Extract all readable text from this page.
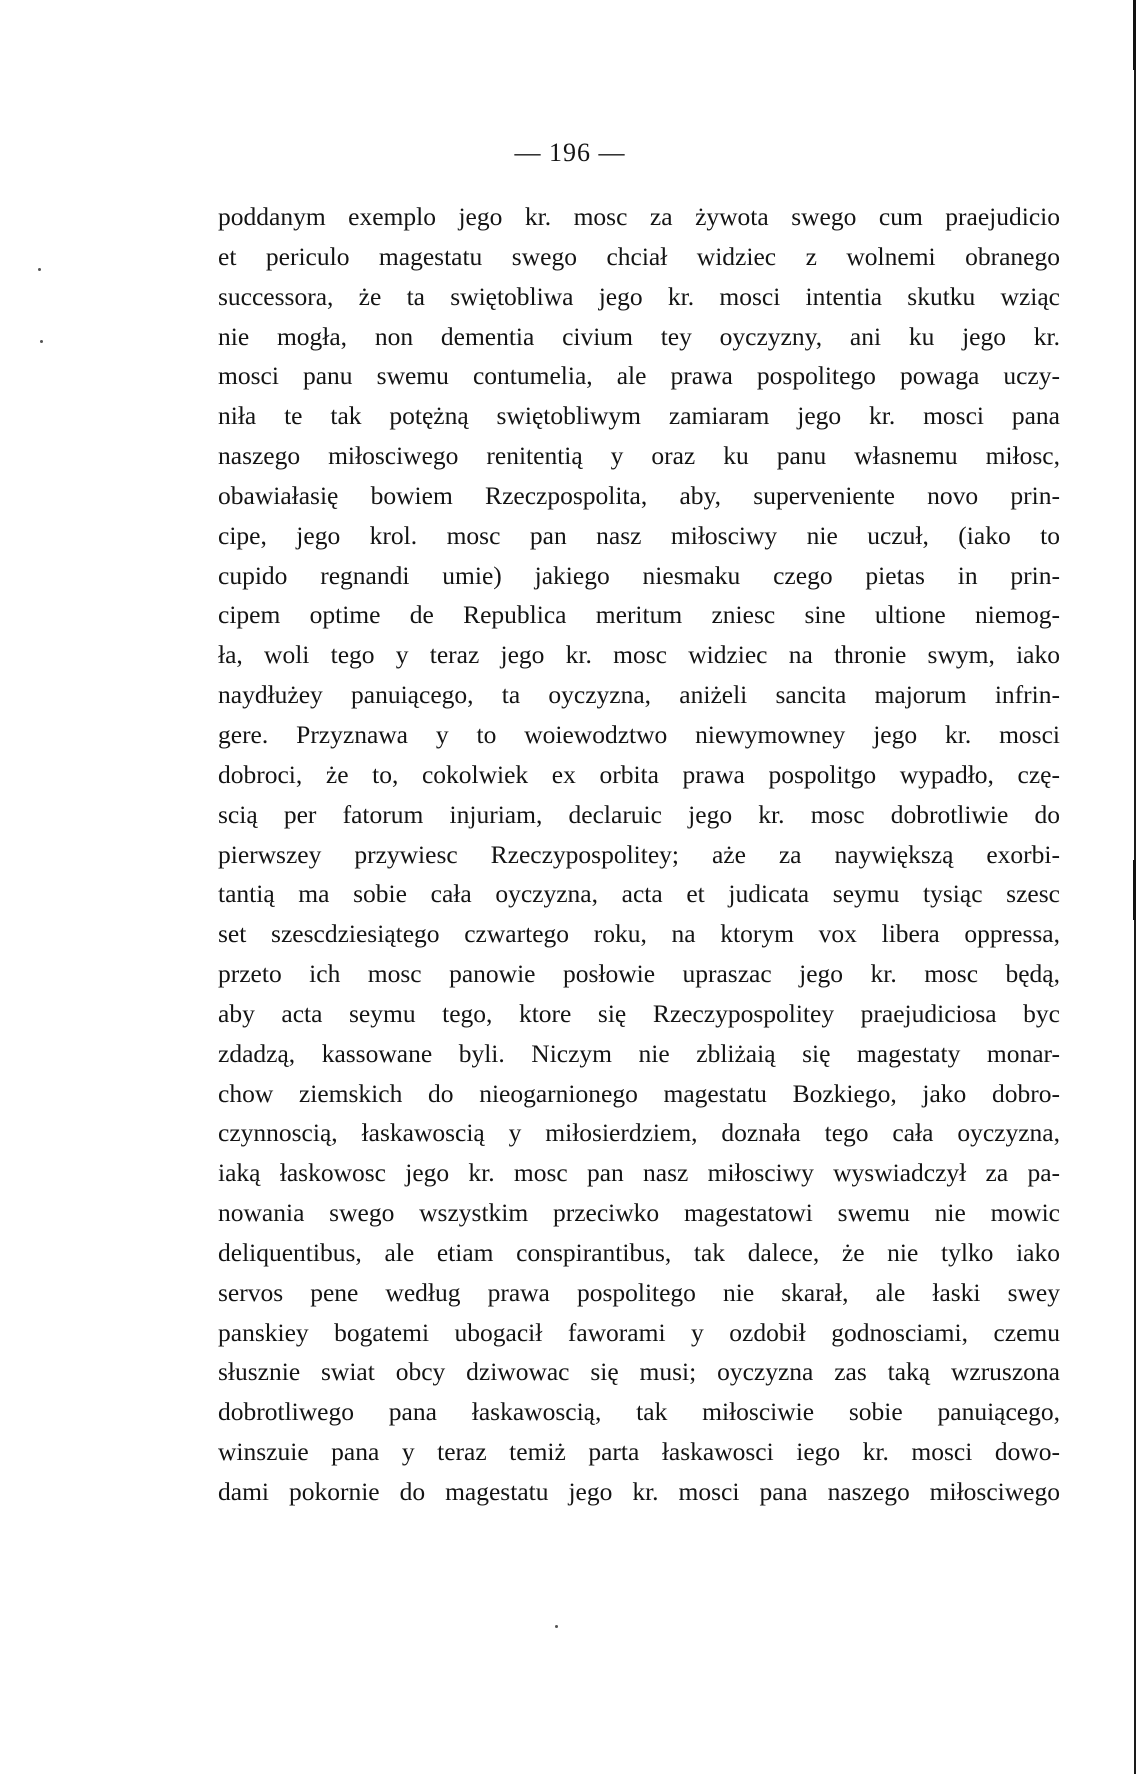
— 196 —
poddanym exemplo jego kr. mosc za żywota swego cum praejudicio
et periculo magestatu swego chciał widziec z wolnemi obranego
successora, że ta swiętobliwa jego kr. mosci intentia skutku wziąc
nie mogła, non dementia civium tey oyczyzny, ani ku jego kr.
mosci panu swemu contumelia, ale prawa pospolitego powaga uczy-
niła te tak potężną swiętobliwym zamiaram jego kr. mosci pana
naszego miłosciwego renitentią y oraz ku panu własnemu miłosc,
obawiałasię bowiem Rzeczpospolita, aby, superveniente novo prin-
cipe, jego krol. mosc pan nasz miłosciwy nie uczuł, (iako to
cupido regnandi umie) jakiego niesmaku czego pietas in prin-
cipem optime de Republica meritum zniesc sine ultione niemog-
ła, woli tego y teraz jego kr. mosc widziec na thronie swym, iako
naydłużey panuiącego, ta oyczyzna, aniżeli sancita majorum infrin-
gere. Przyznawa y to woiewodztwo niewymowney jego kr. mosci
dobroci, że to, cokolwiek ex orbita prawa pospolitgo wypadło, czę-
scią per fatorum injuriam, declaruic jego kr. mosc dobrotliwie do
pierwszey przywiesc Rzeczypospolitey; aże za naywiększą exorbi-
tantią ma sobie cała oyczyzna, acta et judicata seymu tysiąc szesc
set szescdziesiątego czwartego roku, na ktorym vox libera oppressa,
przeto ich mosc panowie posłowie upraszac jego kr. mosc będą,
aby acta seymu tego, ktore się Rzeczypospolitey praejudiciosa byc
zdadzą, kassowane byli. Niczym nie zbliżaią się magestaty monar-
chow ziemskich do nieogarnionego magestatu Bozkiego, jako dobro-
czynnoscią, łaskawoscią y miłosierdziem, doznała tego cała oyczyzna,
iaką łaskowosc jego kr. mosc pan nasz miłosciwy wyswiadczył za pa-
nowania swego wszystkim przeciwko magestatowi swemu nie mowic
deliquentibus, ale etiam conspirantibus, tak dalece, że nie tylko iako
servos pene według prawa pospolitego nie skarał, ale łaski swey
panskiey bogatemi ubogacił faworami y ozdobił godnosciami, czemu
słusznie swiat obcy dziwowac się musi; oyczyzna zas taką wzruszona
dobrotliwego pana łaskawoscią, tak miłosciwie sobie panuiącego,
winszuie pana y teraz temiż parta łaskawosci iego kr. mosci dowo-
dami pokornie do magestatu jego kr. mosci pana naszego miłosciwego
